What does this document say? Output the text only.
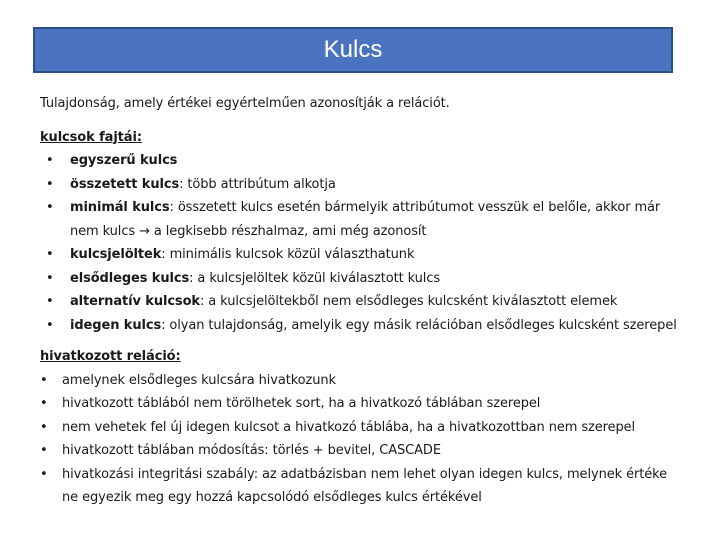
Kulcs

Tulajdonság, amely értékei egyértelműen azonosítják a relációt.

kulcsok fajtái:

• egyszerű kulcs
• összetett kulcs: több attribútum alkotja
• minimál kulcs: összetett kulcs esetén bármelyik attribútumot vesszük el belőle, akkor már nem kulcs → a legkisebb részhalmaz, ami még azonosít
• kulcsjelöltek: minimális kulcsok közül választhatunk
• elsődleges kulcs: a kulcsjelöltek közül kiválasztott kulcs
• alternatív kulcsok: a kulcsjelöltekből nem elsődleges kulcsként kiválasztott elemek
• idegen kulcs: olyan tulajdonság, amelyik egy másik relációban elsődleges kulcsként szerepel

hivatkozott reláció:

• amelynek elsődleges kulcsára hivatkozunk
• hivatkozott táblából nem törölhetek sort, ha a hivatkozó táblában szerepel
• nem vehetek fel új idegen kulcsot a hivatkozó táblába, ha a hivatkozottban nem szerepel
• hivatkozott táblában módosítás: törlés + bevitel, CASCADE
• hivatkozási integritási szabály: az adatbázisban nem lehet olyan idegen kulcs, melynek értéke ne egyezik meg egy hozzá kapcsolódó elsődleges kulcs értékével
